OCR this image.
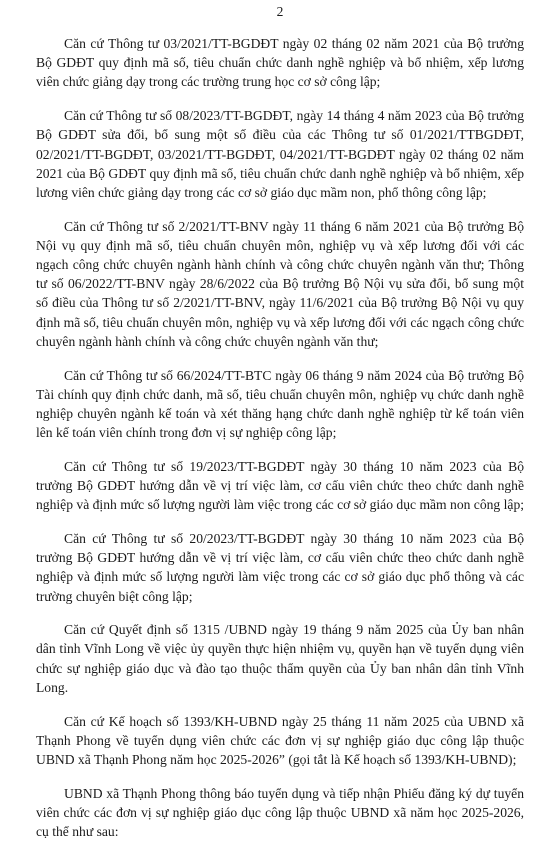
2

Căn cứ Thông tư 03/2021/TT-BGDĐT ngày 02 tháng 02 năm 2021 của Bộ trưởng Bộ GDĐT quy định mã số, tiêu chuẩn chức danh nghề nghiệp và bổ nhiệm, xếp lương viên chức giảng dạy trong các trường trung học cơ sở công lập;

Căn cứ Thông tư số 08/2023/TT-BGDĐT, ngày 14 tháng 4 năm 2023 của Bộ trưởng Bộ GDĐT sửa đổi, bổ sung một số điều của các Thông tư số 01/2021/TTBGDĐT, 02/2021/TT-BGDĐT, 03/2021/TT-BGDĐT, 04/2021/TT-BGDĐT ngày 02 tháng 02 năm 2021 của Bộ GDĐT quy định mã số, tiêu chuẩn chức danh nghề nghiệp và bổ nhiệm, xếp lương viên chức giảng dạy trong các cơ sở giáo dục mầm non, phổ thông công lập;

Căn cứ Thông tư số 2/2021/TT-BNV ngày 11 tháng 6 năm 2021 của Bộ trưởng Bộ Nội vụ quy định mã số, tiêu chuẩn chuyên môn, nghiệp vụ và xếp lương đối với các ngạch công chức chuyên ngành hành chính và công chức chuyên ngành văn thư; Thông tư số 06/2022/TT-BNV ngày 28/6/2022 của Bộ trưởng Bộ Nội vụ sửa đổi, bổ sung một số điều của Thông tư số 2/2021/TT-BNV, ngày 11/6/2021 của Bộ trưởng Bộ Nội vụ quy định mã số, tiêu chuẩn chuyên môn, nghiệp vụ và xếp lương đối với các ngạch công chức chuyên ngành hành chính và công chức chuyên ngành văn thư;

Căn cứ Thông tư số 66/2024/TT-BTC ngày 06 tháng 9 năm 2024 của Bộ trưởng Bộ Tài chính quy định chức danh, mã số, tiêu chuẩn chuyên môn, nghiệp vụ chức danh nghề nghiệp chuyên ngành kế toán và xét thăng hạng chức danh nghề nghiệp từ kế toán viên lên kế toán viên chính trong đơn vị sự nghiệp công lập;

Căn cứ Thông tư số 19/2023/TT-BGDĐT ngày 30 tháng 10 năm 2023 của Bộ trưởng Bộ GDĐT hướng dẫn về vị trí việc làm, cơ cấu viên chức theo chức danh nghề nghiệp và định mức số lượng người làm việc trong các cơ sở giáo dục mầm non công lập;

Căn cứ Thông tư số 20/2023/TT-BGDĐT ngày 30 tháng 10 năm 2023 của Bộ trưởng Bộ GDĐT hướng dẫn về vị trí việc làm, cơ cấu viên chức theo chức danh nghề nghiệp và định mức số lượng người làm việc trong các cơ sở giáo dục phổ thông và các trường chuyên biệt công lập;

Căn cứ Quyết định số 1315 /UBND ngày 19 tháng 9 năm 2025 của Ủy ban nhân dân tỉnh Vĩnh Long về việc ủy quyền thực hiện nhiệm vụ, quyền hạn về tuyển dụng viên chức sự nghiệp giáo dục và đào tạo thuộc thẩm quyền của Ủy ban nhân dân tỉnh Vĩnh Long.

Căn cứ Kế hoạch số 1393/KH-UBND ngày 25 tháng 11 năm 2025 của UBND xã Thạnh Phong về tuyển dụng viên chức các đơn vị sự nghiệp giáo dục công lập thuộc UBND xã Thạnh Phong năm học 2025-2026” (gọi tắt là Kế hoạch số 1393/KH-UBND);

UBND xã Thạnh Phong thông báo tuyển dụng và tiếp nhận Phiếu đăng ký dự tuyển viên chức các đơn vị sự nghiệp giáo dục công lập thuộc UBND xã năm học 2025-2026, cụ thể như sau:
